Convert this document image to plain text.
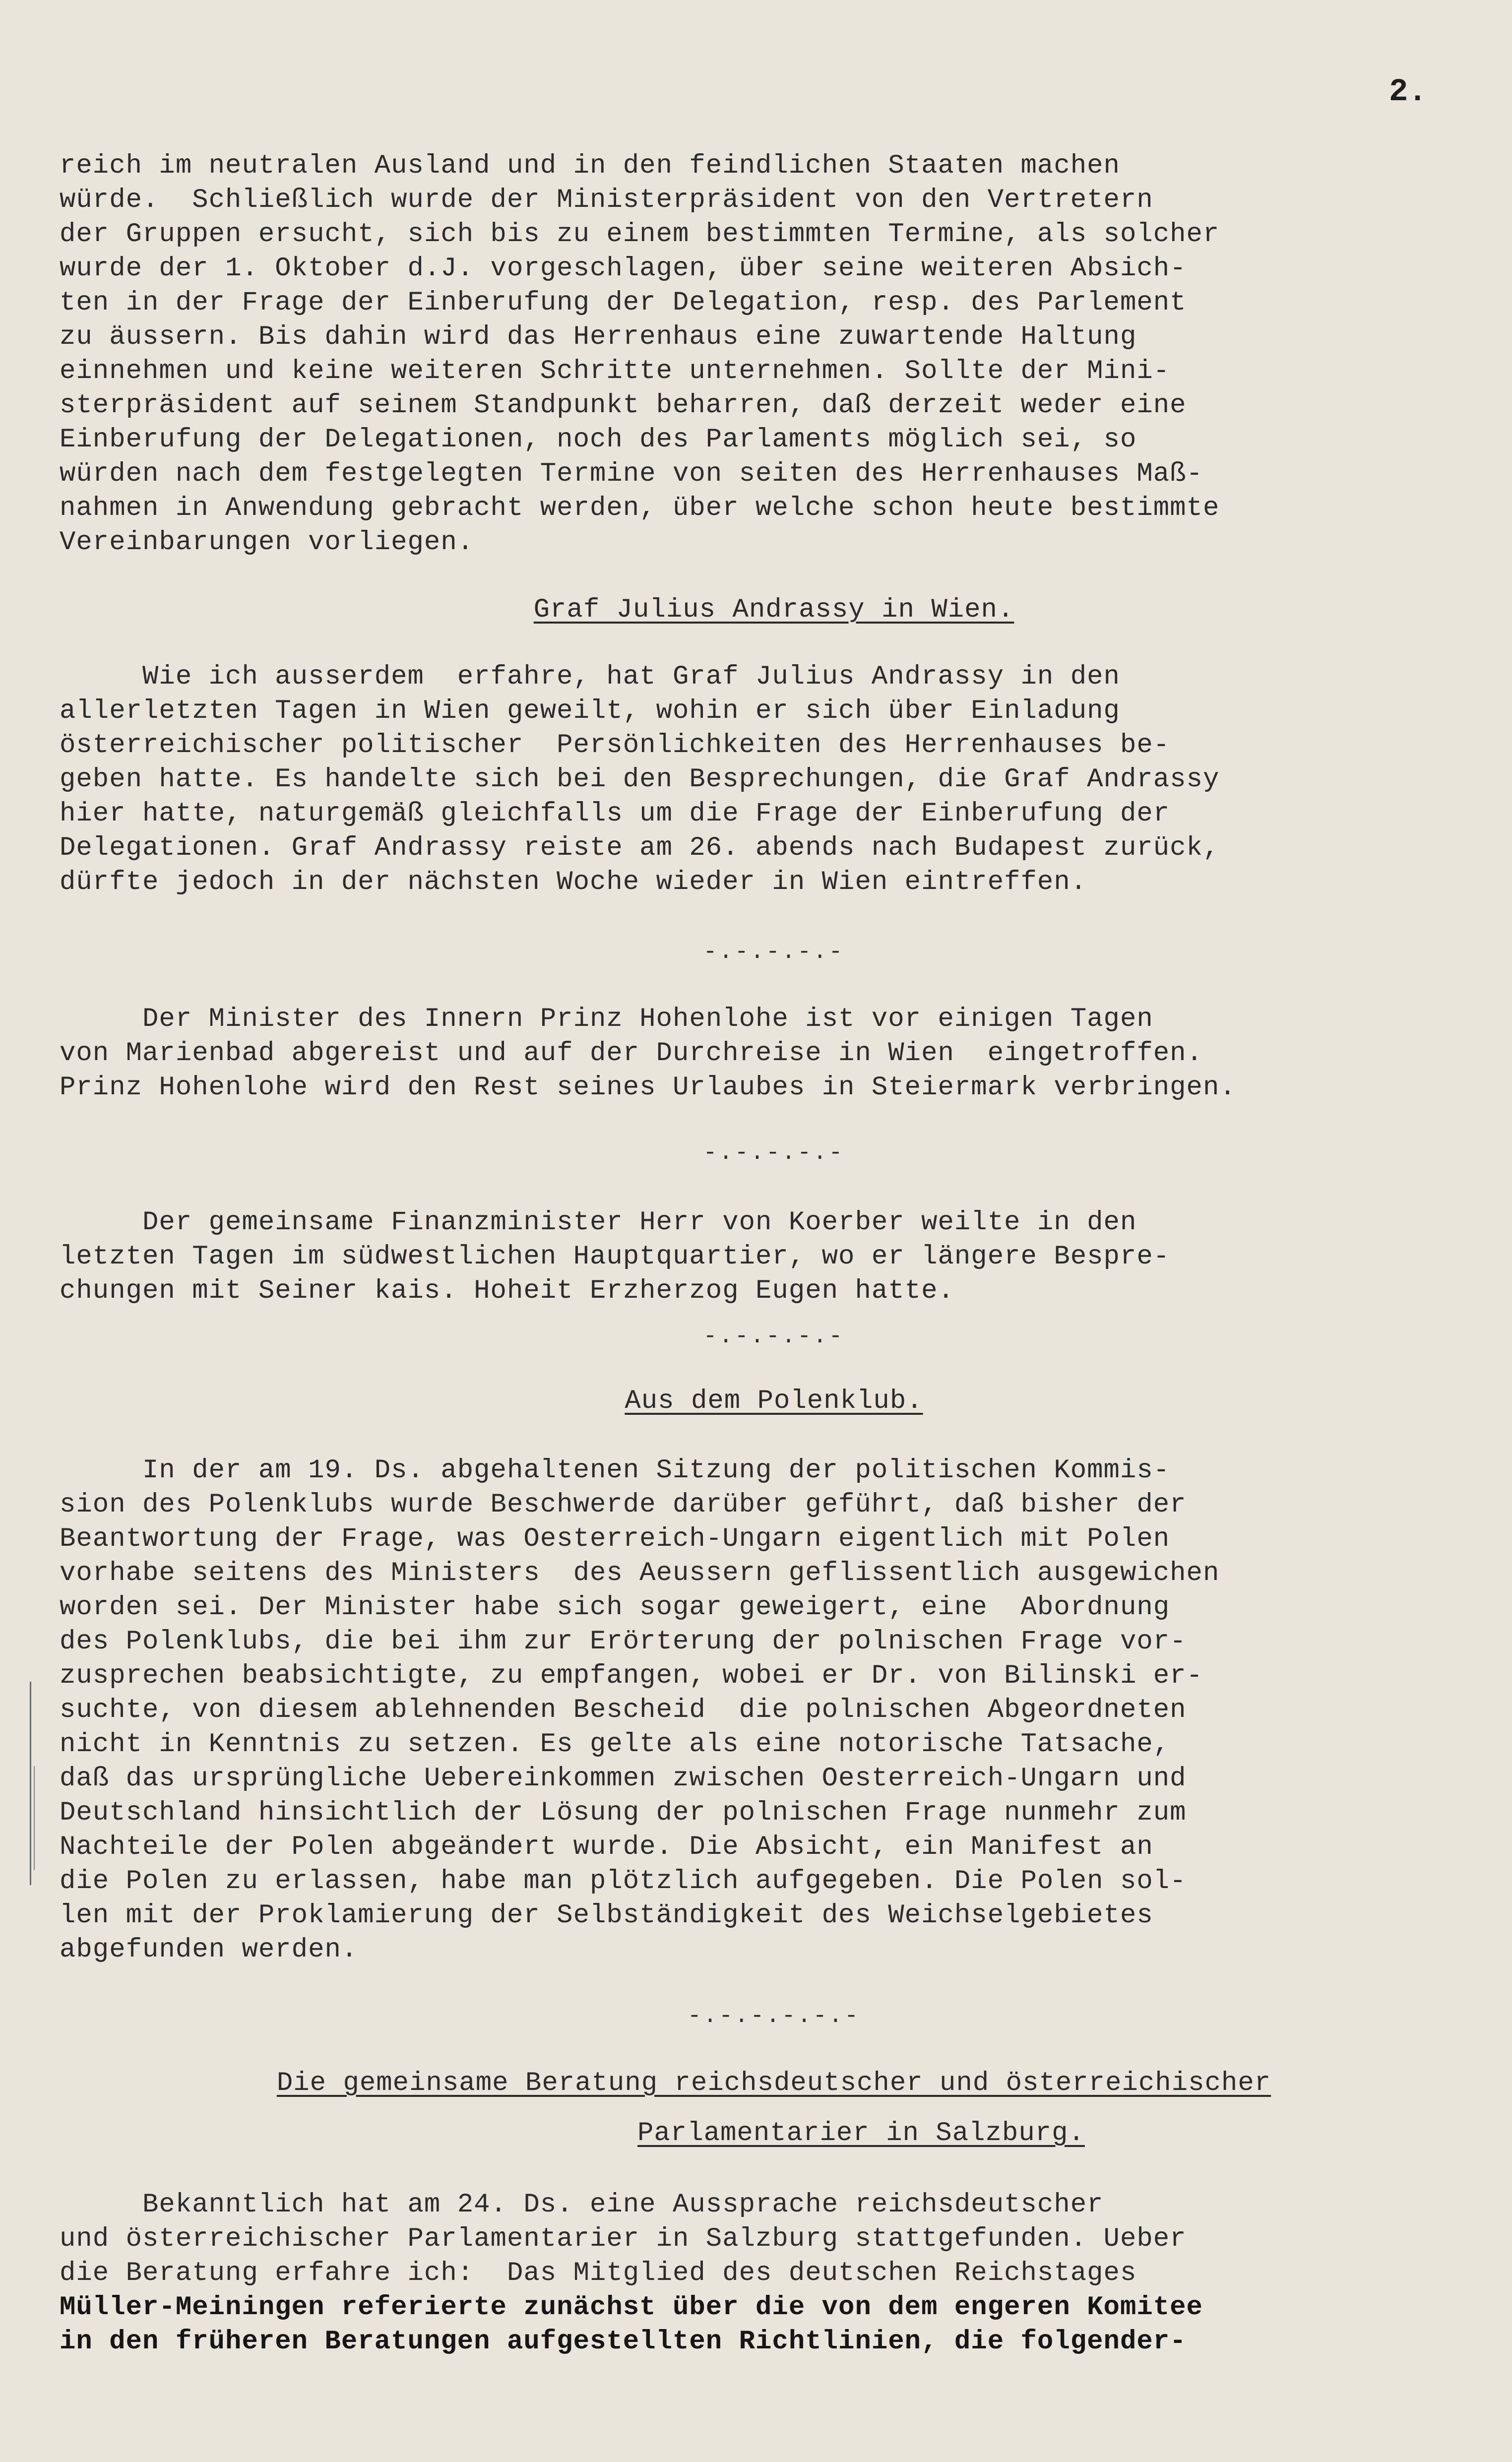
2.
reich im neutralen Ausland und in den feindlichen Staaten machen
würde.  Schließlich wurde der Ministerpräsident von den Vertretern
der Gruppen ersucht, sich bis zu einem bestimmten Termine, als solcher
wurde der 1. Oktober d.J. vorgeschlagen, über seine weiteren Absich-
ten in der Frage der Einberufung der Delegation, resp. des Parlement
zu äussern. Bis dahin wird das Herrenhaus eine zuwartende Haltung
einnehmen und keine weiteren Schritte unternehmen. Sollte der Mini-
sterpräsident auf seinem Standpunkt beharren, daß derzeit weder eine
Einberufung der Delegationen, noch des Parlaments möglich sei, so
würden nach dem festgelegten Termine von seiten des Herrenhauses Maß-
nahmen in Anwendung gebracht werden, über welche schon heute bestimmte
Vereinbarungen vorliegen.
Graf Julius Andrassy in Wien.
Wie ich ausserdem  erfahre, hat Graf Julius Andrassy in den
allerletzten Tagen in Wien geweilt, wohin er sich über Einladung
österreichischer politischer  Persönlichkeiten des Herrenhauses be-
geben hatte. Es handelte sich bei den Besprechungen, die Graf Andrassy
hier hatte, naturgemäß gleichfalls um die Frage der Einberufung der
Delegationen. Graf Andrassy reiste am 26. abends nach Budapest zurück,
dürfte jedoch in der nächsten Woche wieder in Wien eintreffen.
-.-.-.-.-
Der Minister des Innern Prinz Hohenlohe ist vor einigen Tagen
von Marienbad abgereist und auf der Durchreise in Wien  eingetroffen.
Prinz Hohenlohe wird den Rest seines Urlaubes in Steiermark verbringen.
-.-.-.-.-
Der gemeinsame Finanzminister Herr von Koerber weilte in den
letzten Tagen im südwestlichen Hauptquartier, wo er längere Bespre-
chungen mit Seiner kais. Hoheit Erzherzog Eugen hatte.
-.-.-.-.-
Aus dem Polenklub.
In der am 19. Ds. abgehaltenen Sitzung der politischen Kommis-
sion des Polenklubs wurde Beschwerde darüber geführt, daß bisher der
Beantwortung der Frage, was Oesterreich-Ungarn eigentlich mit Polen
vorhabe seitens des Ministers  des Aeussern geflissentlich ausgewichen
worden sei. Der Minister habe sich sogar geweigert, eine  Abordnung
des Polenklubs, die bei ihm zur Erörterung der polnischen Frage vor-
zusprechen beabsichtigte, zu empfangen, wobei er Dr. von Bilinski er-
suchte, von diesem ablehnenden Bescheid  die polnischen Abgeordneten
nicht in Kenntnis zu setzen. Es gelte als eine notorische Tatsache,
daß das ursprüngliche Uebereinkommen zwischen Oesterreich-Ungarn und
Deutschland hinsichtlich der Lösung der polnischen Frage nunmehr zum
Nachteile der Polen abgeändert wurde. Die Absicht, ein Manifest an
die Polen zu erlassen, habe man plötzlich aufgegeben. Die Polen sol-
len mit der Proklamierung der Selbständigkeit des Weichselgebietes
abgefunden werden.
-.-.-.-.-.-
Die gemeinsame Beratung reichsdeutscher und österreichischer
Parlamentarier in Salzburg.
Bekanntlich hat am 24. Ds. eine Aussprache reichsdeutscher
und österreichischer Parlamentarier in Salzburg stattgefunden. Ueber
die Beratung erfahre ich:  Das Mitglied des deutschen Reichstages
Müller-Meiningen referierte zunächst über die von dem engeren Komitee
in den früheren Beratungen aufgestellten Richtlinien, die folgender-
